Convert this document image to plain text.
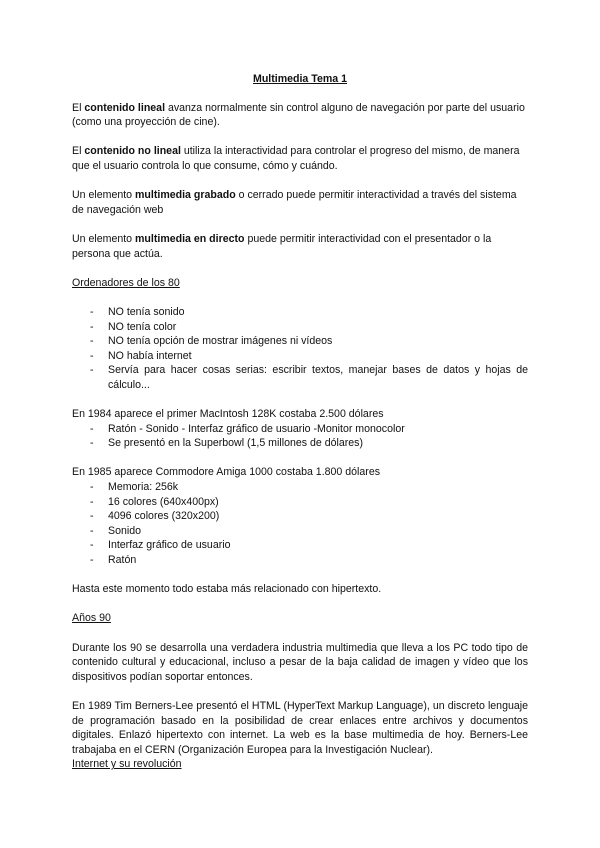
Multimedia Tema 1

El contenido lineal avanza normalmente sin control alguno de navegación por parte del usuario (como una proyección de cine).

El contenido no lineal utiliza la interactividad para controlar el progreso del mismo, de manera que el usuario controla lo que consume, cómo y cuándo.

Un elemento multimedia grabado o cerrado puede permitir interactividad a través del sistema de navegación web

Un elemento multimedia en directo puede permitir interactividad con el presentador o la persona que actúa.

Ordenadores de los 80
- NO tenía sonido
- NO tenía color
- NO tenía opción de mostrar imágenes ni vídeos
- NO había internet
- Servía para hacer cosas serias: escribir textos, manejar bases de datos y hojas de cálculo...
En 1984 aparece el primer MacIntosh 128K costaba 2.500 dólares
- Ratón - Sonido - Interfaz gráfico de usuario -Monitor monocolor
- Se presentó en la Superbowl (1,5 millones de dólares)
En 1985 aparece Commodore Amiga 1000 costaba 1.800 dólares
- Memoria: 256k
- 16 colores (640x400px)
- 4096 colores (320x200)
- Sonido
- Interfaz gráfico de usuario
- Ratón

Hasta este momento todo estaba más relacionado con hipertexto.

Años 90

Durante los 90 se desarrolla una verdadera industria multimedia que lleva a los PC todo tipo de contenido cultural y educacional, incluso a pesar de la baja calidad de imagen y vídeo que los dispositivos podían soportar entonces.

En 1989 Tim Berners-Lee presentó el HTML (HyperText Markup Language), un discreto lenguaje de programación basado en la posibilidad de crear enlaces entre archivos y documentos digitales. Enlazó hipertexto con internet. La web es la base multimedia de hoy. Berners-Lee trabajaba en el CERN (Organización Europea para la Investigación Nuclear).

Internet y su revolución
